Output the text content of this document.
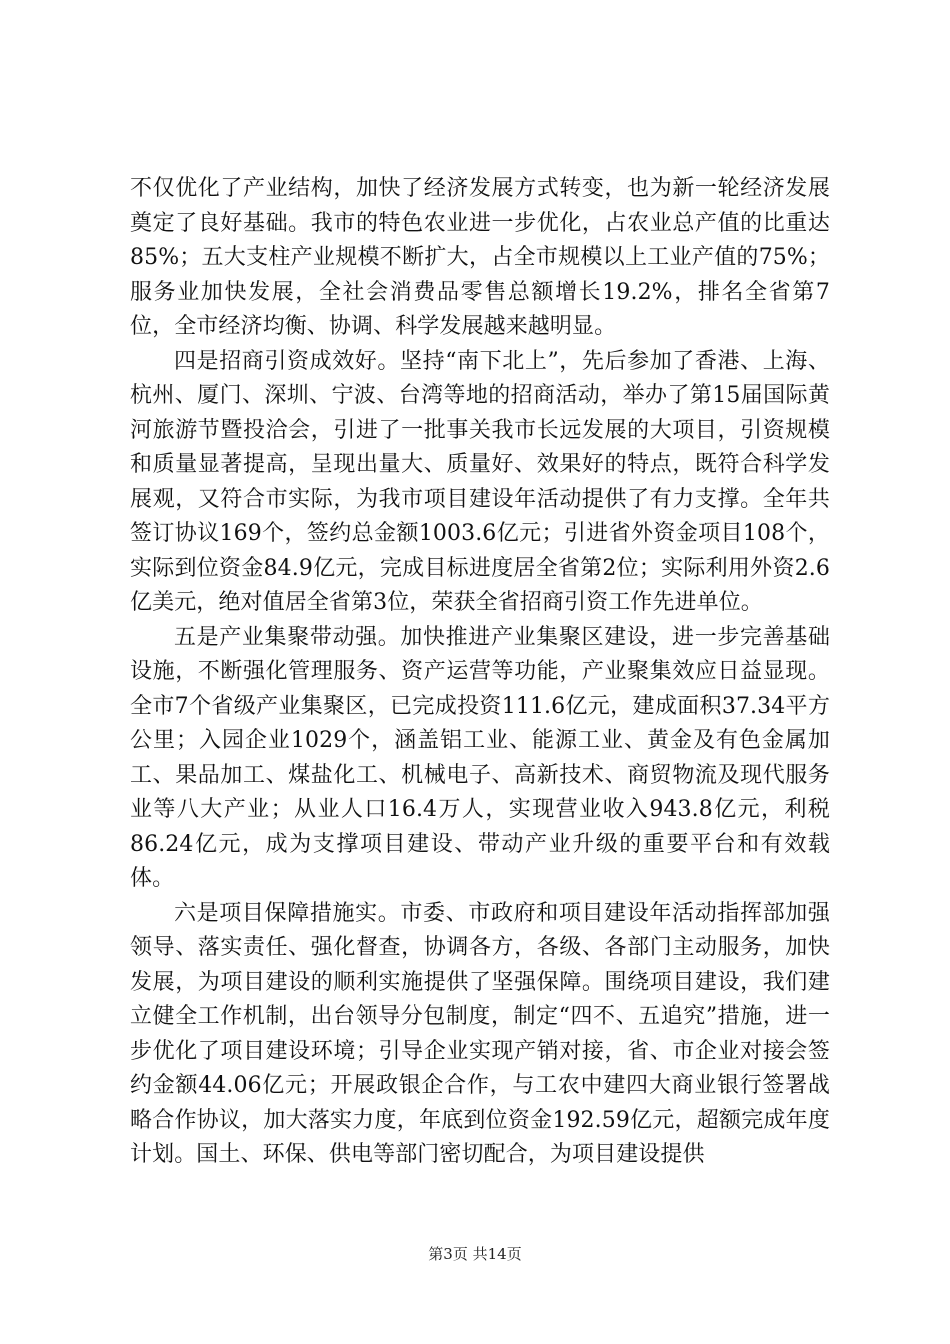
不仅优化了产业结构，加快了经济发展方式转变，也为新一轮经济发展奠定了良好基础。我市的特色农业进一步优化，占农业总产值的比重达85%；五大支柱产业规模不断扩大，占全市规模以上工业产值的75%；服务业加快发展，全社会消费品零售总额增长19.2%，排名全省第7位，全市经济均衡、协调、科学发展越来越明显。

四是招商引资成效好。坚持“南下北上”，先后参加了香港、上海、杭州、厦门、深圳、宁波、台湾等地的招商活动，举办了第15届国际黄河旅游节暨投洽会，引进了一批事关我市长远发展的大项目，引资规模和质量显著提高，呈现出量大、质量好、效果好的特点，既符合科学发展观，又符合市实际，为我市项目建设年活动提供了有力支撑。全年共签订协议169个，签约总金额1003.6亿元；引进省外资金项目108个，实际到位资金84.9亿元，完成目标进度居全省第2位；实际利用外资2.6亿美元，绝对值居全省第3位，荣获全省招商引资工作先进单位。

五是产业集聚带动强。加快推进产业集聚区建设，进一步完善基础设施，不断强化管理服务、资产运营等功能，产业聚集效应日益显现。全市7个省级产业集聚区，已完成投资111.6亿元，建成面积37.34平方公里；入园企业1029个，涵盖铝工业、能源工业、黄金及有色金属加工、果品加工、煤盐化工、机械电子、高新技术、商贸物流及现代服务业等八大产业；从业人口16.4万人，实现营业收入943.8亿元，利税86.24亿元，成为支撑项目建设、带动产业升级的重要平台和有效载体。

六是项目保障措施实。市委、市政府和项目建设年活动指挥部加强领导、落实责任、强化督查，协调各方，各级、各部门主动服务，加快发展，为项目建设的顺利实施提供了坚强保障。围绕项目建设，我们建立健全工作机制，出台领导分包制度，制定“四不、五追究”措施，进一步优化了项目建设环境；引导企业实现产销对接，省、市企业对接会签约金额44.06亿元；开展政银企合作，与工农中建四大商业银行签署战略合作协议，加大落实力度，年底到位资金192.59亿元，超额完成年度计划。国土、环保、供电等部门密切配合，为项目建设提供

第3页 共14页
